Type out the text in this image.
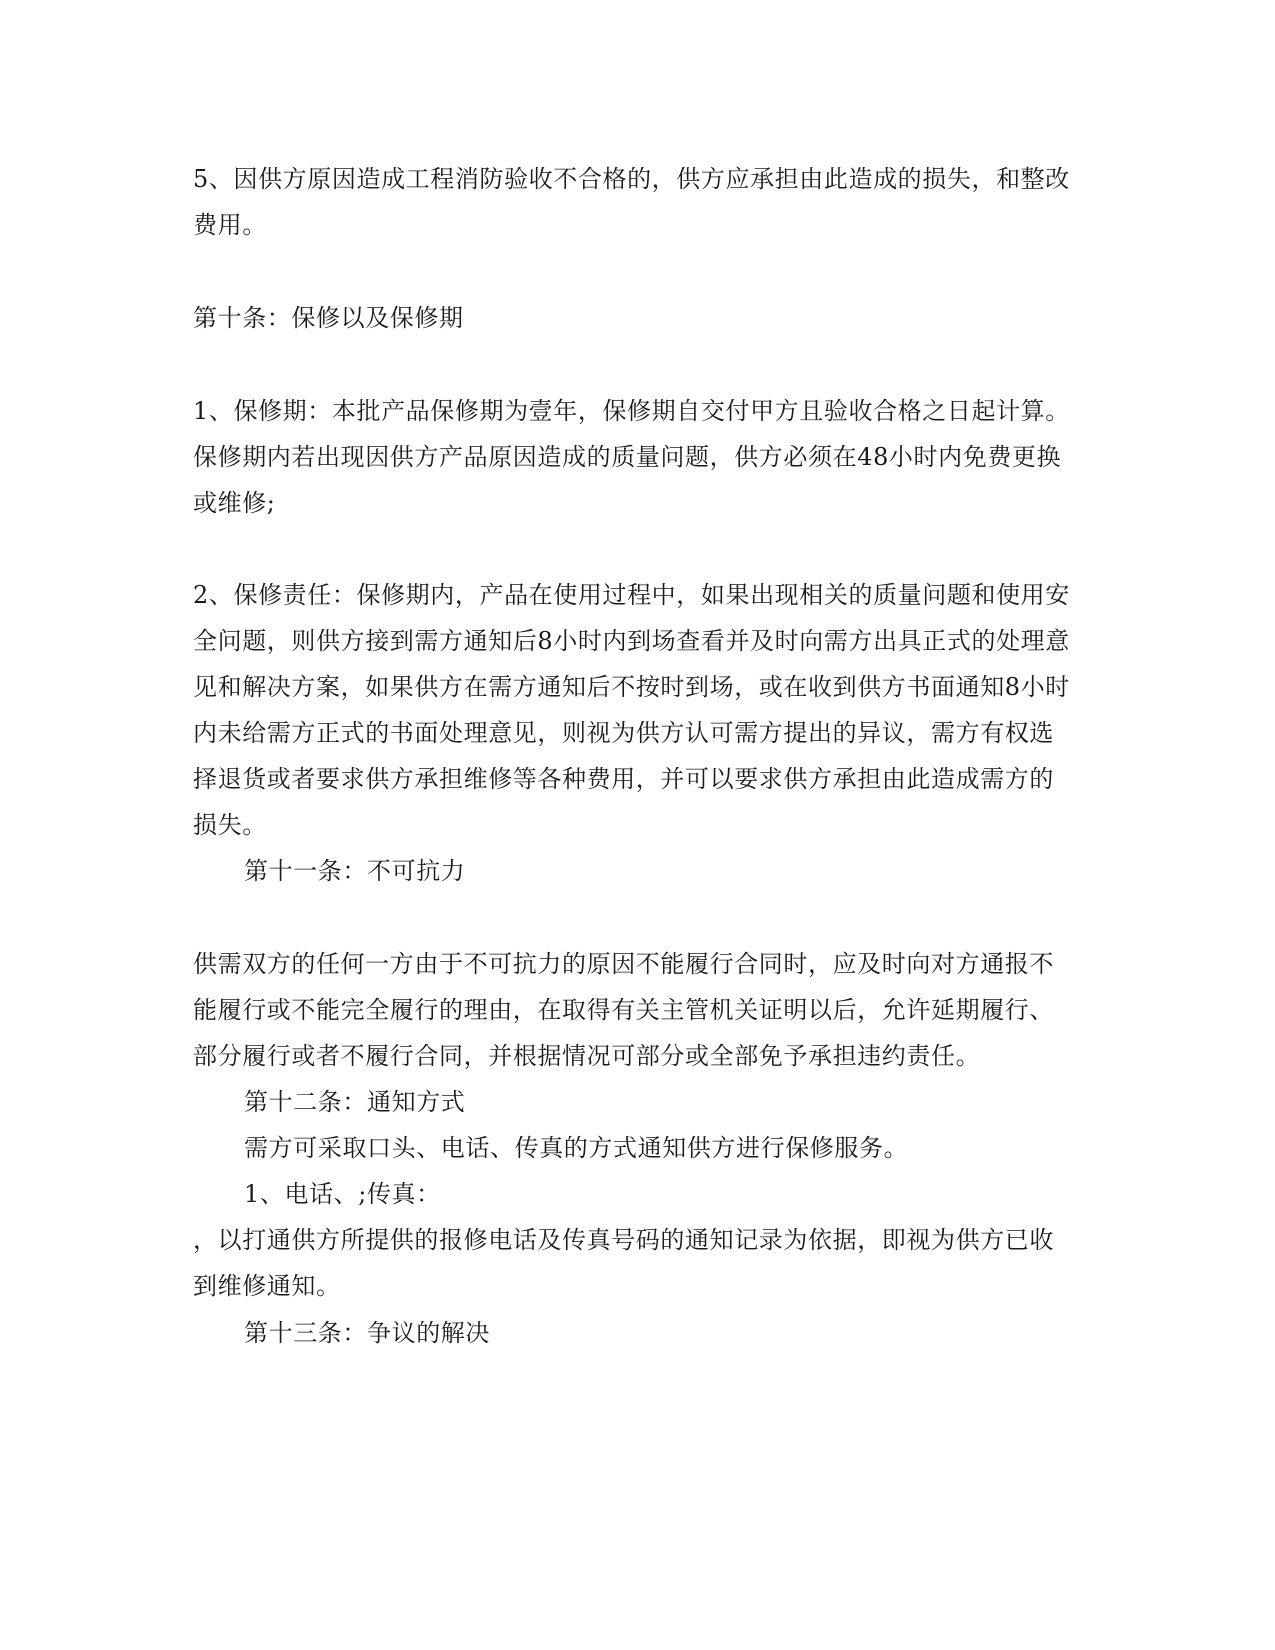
5、因供方原因造成工程消防验收不合格的，供方应承担由此造成的损失，和整改
费用。
第十条：保修以及保修期
1、保修期：本批产品保修期为壹年，保修期自交付甲方且验收合格之日起计算。
保修期内若出现因供方产品原因造成的质量问题，供方必须在48小时内免费更换
或维修;
2、保修责任：保修期内，产品在使用过程中，如果出现相关的质量问题和使用安
全问题，则供方接到需方通知后8小时内到场查看并及时向需方出具正式的处理意
见和解决方案，如果供方在需方通知后不按时到场，或在收到供方书面通知8小时
内未给需方正式的书面处理意见，则视为供方认可需方提出的异议，需方有权选
择退货或者要求供方承担维修等各种费用，并可以要求供方承担由此造成需方的
损失。
第十一条：不可抗力
供需双方的任何一方由于不可抗力的原因不能履行合同时，应及时向对方通报不
能履行或不能完全履行的理由，在取得有关主管机关证明以后，允许延期履行、
部分履行或者不履行合同，并根据情况可部分或全部免予承担违约责任。
第十二条：通知方式
需方可采取口头、电话、传真的方式通知供方进行保修服务。
1、电话、;传真：
，以打通供方所提供的报修电话及传真号码的通知记录为依据，即视为供方已收
到维修通知。
第十三条：争议的解决
